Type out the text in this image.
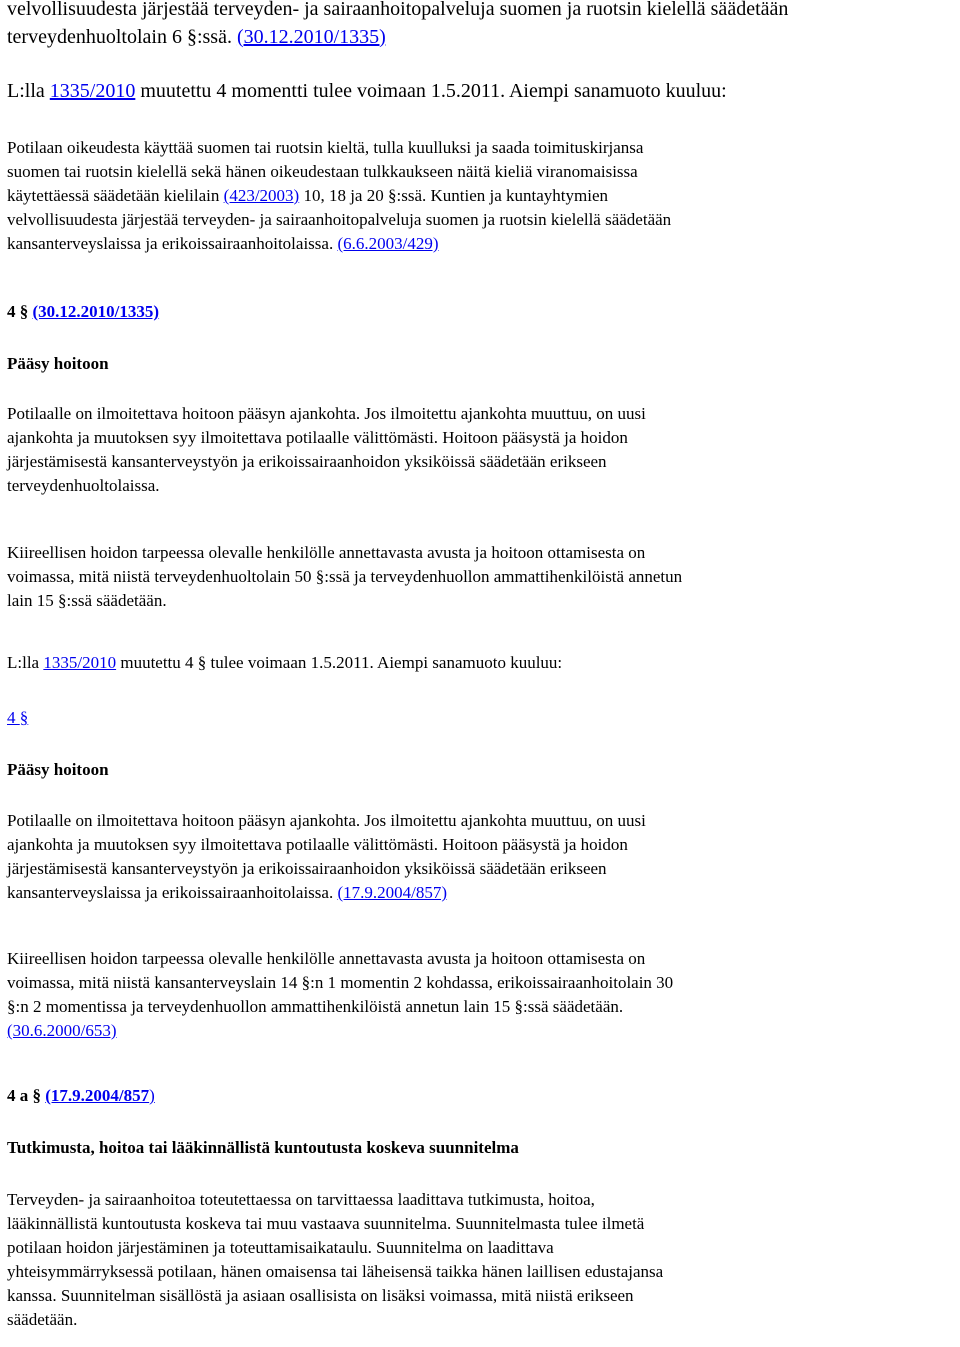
velvollisuudesta järjestää terveyden- ja sairaanhoitopalveluja suomen ja ruotsin kielellä säädetään
terveydenhuoltolain 6 §:ssä. (30.12.2010/1335)
L:lla 1335/2010 muutettu 4 momentti tulee voimaan 1.5.2011. Aiempi sanamuoto kuuluu:
Potilaan oikeudesta käyttää suomen tai ruotsin kieltä, tulla kuulluksi ja saada toimituskirjansa
suomen tai ruotsin kielellä sekä hänen oikeudestaan tulkkaukseen näitä kieliä viranomaisissa
käytettäessä säädetään kielilain (423/2003) 10, 18 ja 20 §:ssä. Kuntien ja kuntayhtymien
velvollisuudesta järjestää terveyden- ja sairaanhoitopalveluja suomen ja ruotsin kielellä säädetään
kansanterveyslaissa ja erikoissairaanhoitolaissa. (6.6.2003/429)
4 § (30.12.2010/1335)
Pääsy hoitoon
Potilaalle on ilmoitettava hoitoon pääsyn ajankohta. Jos ilmoitettu ajankohta muuttuu, on uusi
ajankohta ja muutoksen syy ilmoitettava potilaalle välittömästi. Hoitoon pääsystä ja hoidon
järjestämisestä kansanterveystyön ja erikoissairaanhoidon yksiköissä säädetään erikseen
terveydenhuoltolaissa.
Kiireellisen hoidon tarpeessa olevalle henkilölle annettavasta avusta ja hoitoon ottamisesta on
voimassa, mitä niistä terveydenhuoltolain 50 §:ssä ja terveydenhuollon ammattihenkilöistä annetun
lain 15 §:ssä säädetään.
L:lla 1335/2010 muutettu 4 § tulee voimaan 1.5.2011. Aiempi sanamuoto kuuluu:
4 §
Pääsy hoitoon
Potilaalle on ilmoitettava hoitoon pääsyn ajankohta. Jos ilmoitettu ajankohta muuttuu, on uusi
ajankohta ja muutoksen syy ilmoitettava potilaalle välittömästi. Hoitoon pääsystä ja hoidon
järjestämisestä kansanterveystyön ja erikoissairaanhoidon yksiköissä säädetään erikseen
kansanterveyslaissa ja erikoissairaanhoitolaissa. (17.9.2004/857)
Kiireellisen hoidon tarpeessa olevalle henkilölle annettavasta avusta ja hoitoon ottamisesta on
voimassa, mitä niistä kansanterveyslain 14 §:n 1 momentin 2 kohdassa, erikoissairaanhoitolain 30
§:n 2 momentissa ja terveydenhuollon ammattihenkilöistä annetun lain 15 §:ssä säädetään.
(30.6.2000/653)
4 a § (17.9.2004/857)
Tutkimusta, hoitoa tai lääkinnällistä kuntoutusta koskeva suunnitelma
Terveyden- ja sairaanhoitoa toteutettaessa on tarvittaessa laadittava tutkimusta, hoitoa,
lääkinnällistä kuntoutusta koskeva tai muu vastaava suunnitelma. Suunnitelmasta tulee ilmetä
potilaan hoidon järjestäminen ja toteuttamisaikataulu. Suunnitelma on laadittava
yhteisymmärryksessä potilaan, hänen omaisensa tai läheisensä taikka hänen laillisen edustajansa
kanssa. Suunnitelman sisällöstä ja asiaan osallisista on lisäksi voimassa, mitä niistä erikseen
säädetään.
